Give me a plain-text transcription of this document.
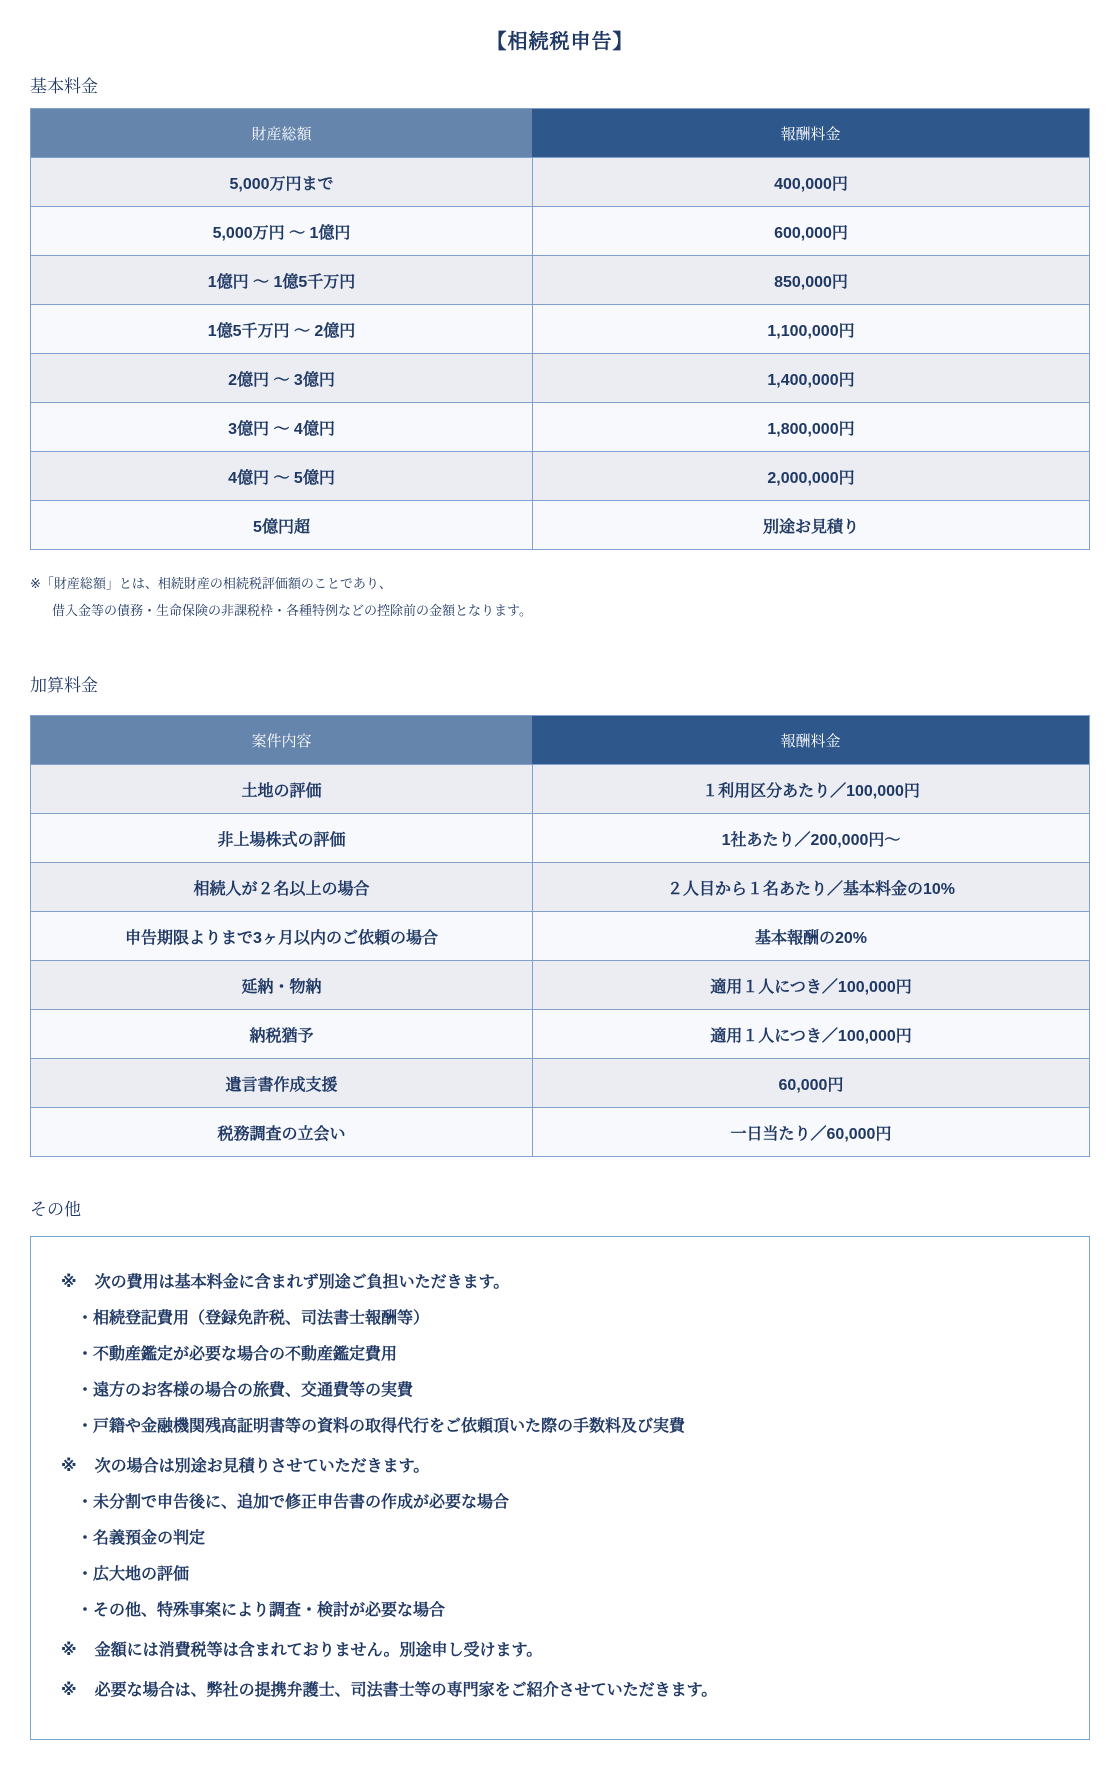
【相続税申告】
基本料金
財産総額	報酬料金
5,000万円まで	400,000円
5,000万円 ～ 1億円	600,000円
1億円 ～ 1億5千万円	850,000円
1億5千万円 ～ 2億円	1,100,000円
2億円 ～ 3億円	1,400,000円
3億円 ～ 4億円	1,800,000円
4億円 ～ 5億円	2,000,000円
5億円超	別途お見積り
※「財産総額」とは、相続財産の相続税評価額のことであり、
借入金等の債務・生命保険の非課税枠・各種特例などの控除前の金額となります。
加算料金
案件内容	報酬料金
土地の評価	１利用区分あたり／100,000円
非上場株式の評価	1社あたり／200,000円～
相続人が２名以上の場合	２人目から１名あたり／基本料金の10%
申告期限よりまで3ヶ月以内のご依頼の場合	基本報酬の20%
延納・物納	適用１人につき／100,000円
納税猶予	適用１人につき／100,000円
遺言書作成支援	60,000円
税務調査の立会い	一日当たり／60,000円
その他
※ 次の費用は基本料金に含まれず別途ご負担いただきます。
・相続登記費用（登録免許税、司法書士報酬等）
・不動産鑑定が必要な場合の不動産鑑定費用
・遠方のお客様の場合の旅費、交通費等の実費
・戸籍や金融機関残高証明書等の資料の取得代行をご依頼頂いた際の手数料及び実費
※ 次の場合は別途お見積りさせていただきます。
・未分割で申告後に、追加で修正申告書の作成が必要な場合
・名義預金の判定
・広大地の評価
・その他、特殊事案により調査・検討が必要な場合
※ 金額には消費税等は含まれておりません。別途申し受けます。
※ 必要な場合は、弊社の提携弁護士、司法書士等の専門家をご紹介させていただきます。
